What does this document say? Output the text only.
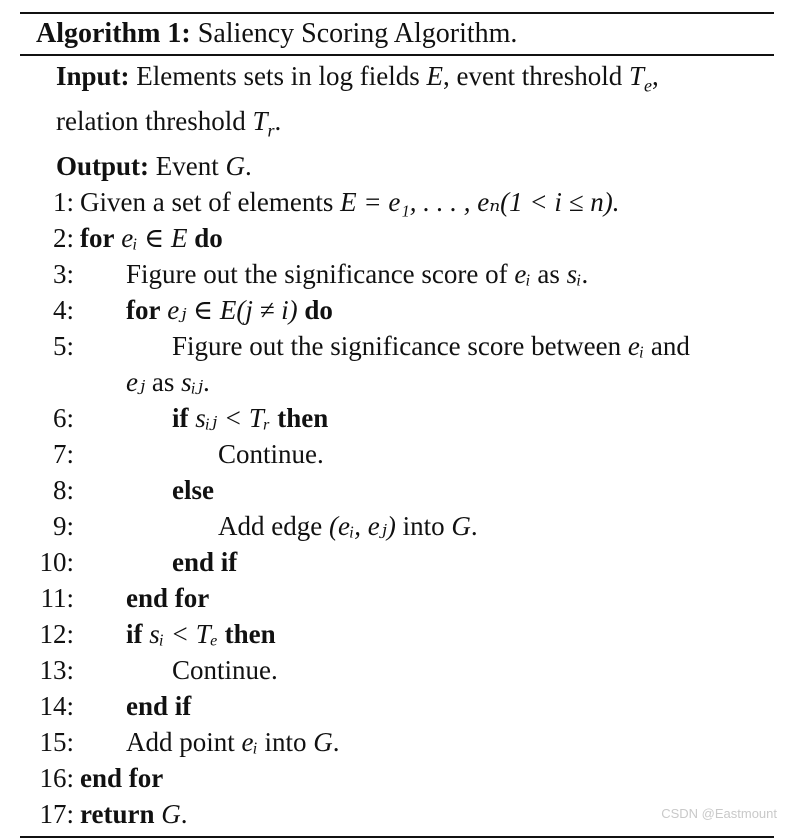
Algorithm 1: Saliency Scoring Algorithm.
Input: Elements sets in log fields E, event threshold $T_e$,
relation threshold $T_r$.
Output: Event G.
1: Given a set of elements E = e₁, . . . , eₙ(1 < i ≤ n).
2: for eᵢ ∈ E do
3: Figure out the significance score of eᵢ as sᵢ.
4: for eⱼ ∈ E(j ≠ i) do
5:	Figure out the significance score between eᵢ and
eⱼ as sᵢⱼ.
6:	if sᵢⱼ < Tᵣ then
7:	Continue.
8:	else
9:	Add edge (eᵢ, eⱼ) into G.
10:	end if
11: end for
12: if sᵢ < Tₑ then
13:	Continue.
14: end if
15: Add point eᵢ into G.
16: end for
17: return G.	CSDN @Eastmount
